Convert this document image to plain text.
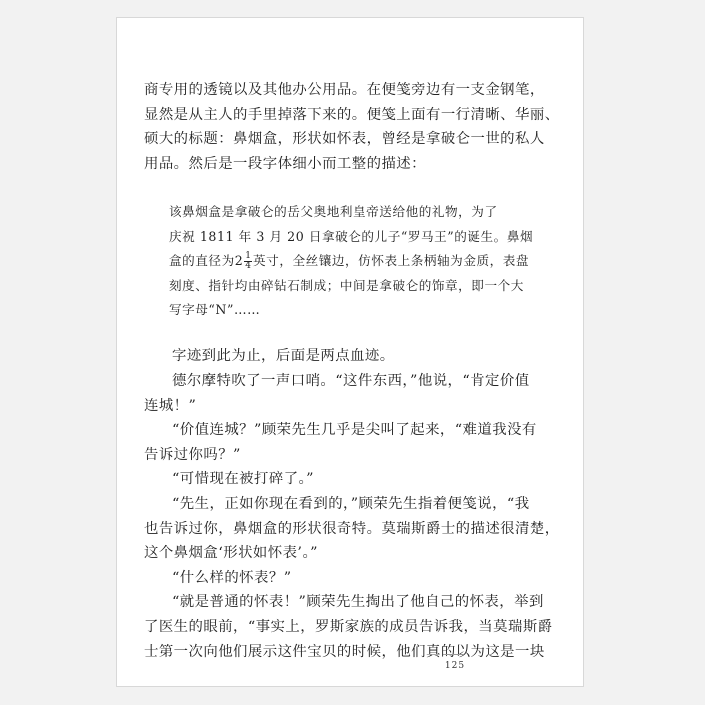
商专用的透镜以及其他办公用品。在便笺旁边有一支金钢笔，

显然是从主人的手里掉落下来的。便笺上面有一行清晰、华丽、

硕大的标题：鼻烟盒，形状如怀表，曾经是拿破仑一世的私人

用品。然后是一段字体细小而工整的描述：

该鼻烟盒是拿破仑的岳父奥地利皇帝送给他的礼物，为了

庆祝 1811 年 3 月 20 日拿破仑的儿子“罗马王”的诞生。鼻烟

盒的直径为$2 \frac{1}{4}$ 英寸，全丝镶边，仿怀表上条柄轴为金质，表盘

刻度、指针均由碎钻石制成；中间是拿破仑的饰章，即一个大

写字母“N”……

字迹到此为止，后面是两点血迹。

德尔摩特吹了一声口哨。“这件东西，”他说，“肯定价值

连城！”

“价值连城？”顾荣先生几乎是尖叫了起来，“难道我没有

告诉过你吗？”

“可惜现在被打碎了。”

“先生，正如你现在看到的，”顾荣先生指着便笺说，“我

也告诉过你，鼻烟盒的形状很奇特。莫瑞斯爵士的描述很清楚，

这个鼻烟盒‘形状如怀表’。”

“什么样的怀表？”

“就是普通的怀表！”顾荣先生掏出了他自己的怀表，举到

了医生的眼前，“事实上，罗斯家族的成员告诉我，当莫瑞斯爵

士第一次向他们展示这件宝贝的时候，他们真的以为这是一块

125
